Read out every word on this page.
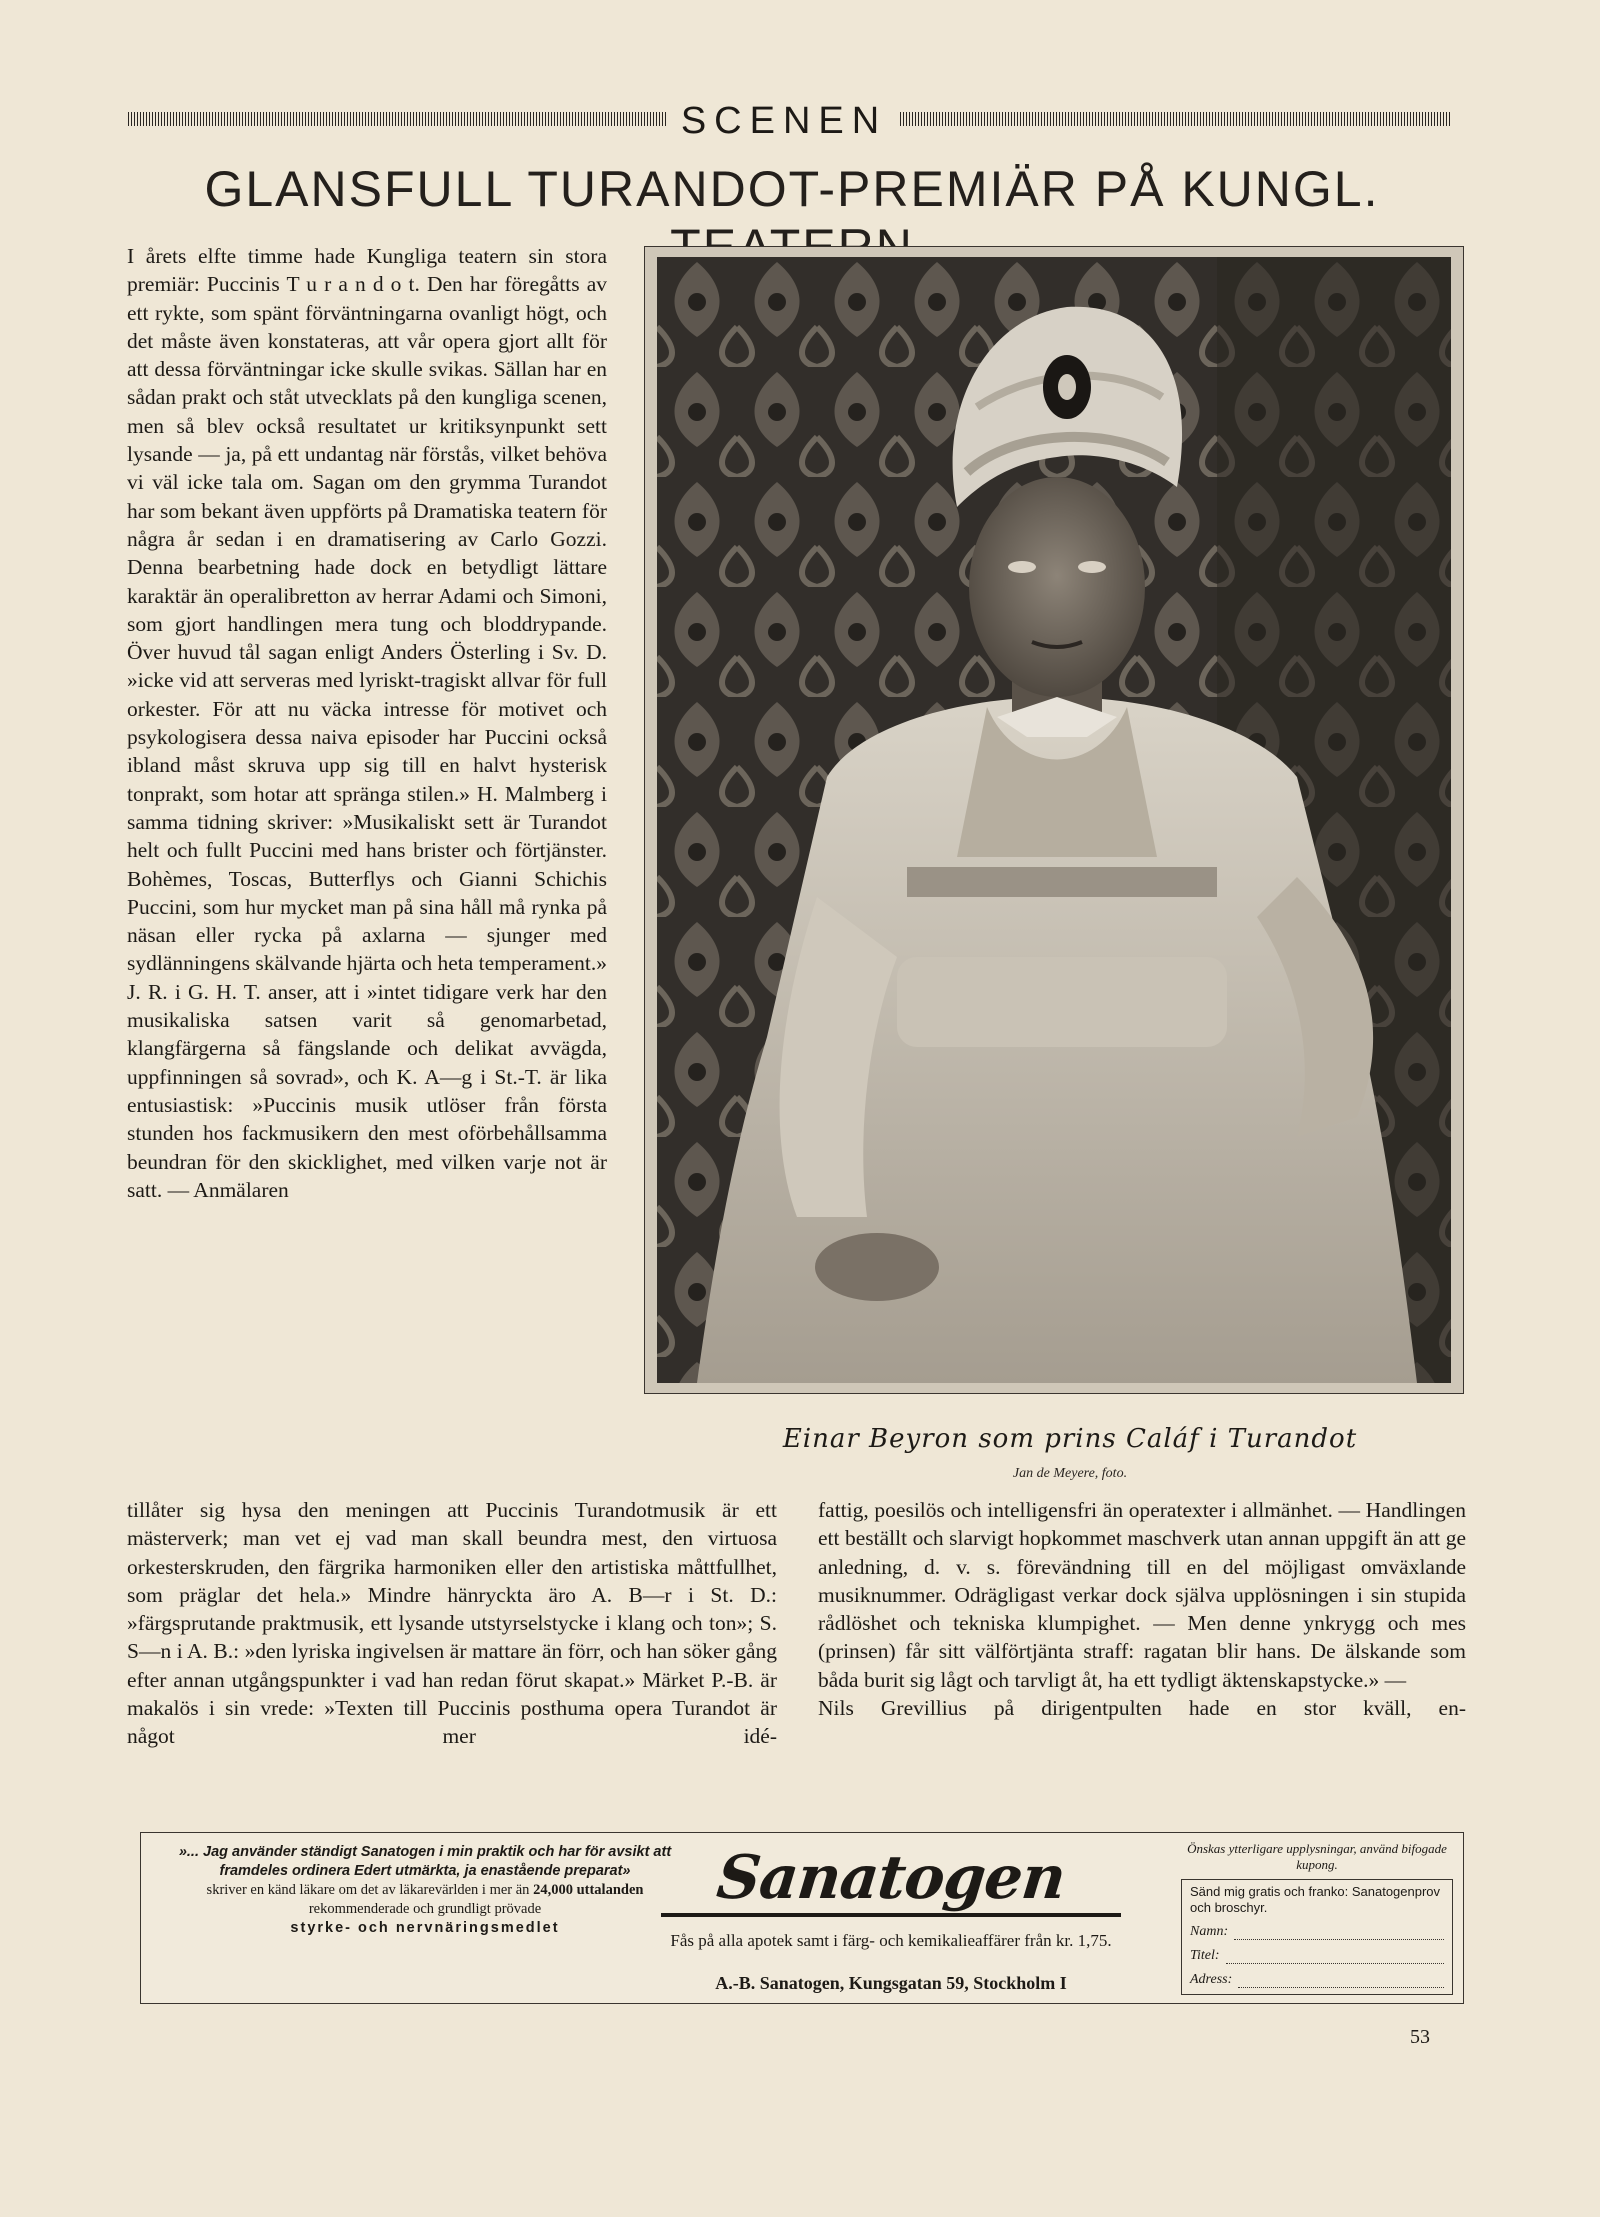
SCENEN
GLANSFULL TURANDOT-PREMIÄR PÅ KUNGL.

I årets elfte timme hade Kungliga teatern sin stora premiär: Puccinis T u r a n d o t. Den har föregåtts av ett rykte, som spänt förväntningarna ovanligt högt, och det måste även konstateras, att vår opera gjort allt för att dessa förväntningar icke skulle svikas. Sällan har en sådan prakt och ståt utvecklats på den kungliga scenen, men så blev också resultatet ur kritiksynpunkt sett lysande — ja, på ett undantag när förstås, vilket behöva vi väl icke tala om. Sagan om den grymma Turandot har som bekant även uppförts på Dramatiska teatern för några år sedan i en dramatisering av Carlo Gozzi. Denna bearbetning hade dock en betydligt lättare karaktär än operalibretton av herrar Adami och Simoni, som gjort handlingen mera tung och bloddrypande. Över huvud tål sagan enligt Anders Österling i Sv. D. »icke vid att serveras med lyriskt-tragiskt allvar för full orkester. För att nu väcka intresse för motivet och psykologisera dessa naiva episoder har Puccini också ibland måst skruva upp sig till en halvt hysterisk tonprakt, som hotar att spränga stilen.» H. Malmberg i samma tidning skriver: »Musikaliskt sett är Turandot helt och fullt Puccini med hans brister och förtjänster. Bohèmes, Toscas, Butterflys och Gianni Schichis Puccini, som hur mycket man på sina håll må rynka på näsan eller rycka på axlarna — sjunger med sydlänningens skälvande hjärta och heta temperament.» J. R. i G. H. T. anser, att i »intet tidigare verk har den musikaliska satsen varit så genomarbetad, klangfärgerna så fängslande och delikat avvägda, uppfinningen så sovrad», och K. A—g i St.-T. är lika entusiastisk: »Puccinis musik utlöser från första stunden hos fackmusikern den mest oförbehållsamma beundran för den skicklighet, med vilken varje not är satt. — Anmälaren

Einar Beyron som prins Caláf i Turandot
Jan de Meyere, foto.

tillåter sig hysa den meningen att Puccinis Turandotmusik är ett mästerverk; man vet ej vad man skall beundra mest, den virtuosa orkesterskruden, den färgrika harmoniken eller den artistiska måttfullhet, som präglar det hela.» Mindre hänryckta äro A. B—r i St. D.: »färgsprutande praktmusik, ett lysande utstyrselstycke i klang och ton»; S. S—n i A. B.: »den lyriska ingivelsen är mattare än förr, och han söker gång efter annan utgångspunkter i vad han redan förut skapat.» Märket P.-B. är makalös i sin vrede: »Texten till Puccinis posthuma opera Turandot är något mer idé-

fattig, poesilös och intelligensfri än operatexter i allmänhet. — Handlingen ett beställt och slarvigt hopkommet maschverk utan annan uppgift än att ge anledning, d. v. s. förevändning till en del möjligast omväxlande musiknummer. Odrägligast verkar dock själva upplösningen i sin stupida rådlöshet och tekniska klumpighet. — Men denne ynkrygg och mes (prinsen) får sitt välförtjänta straff: ragatan blir hans. De älskande som båda burit sig lågt och tarvligt åt, ha ett tydligt äktenskapstycke.» —

Nils Grevillius på dirigentpulten hade en stor kväll, en-

»... Jag använder ständigt Sanatogen i min praktik och har för avsikt att framdeles ordinera Edert utmärkta, ja enastående preparat»
skriver en känd läkare om det av läkarevärlden i mer än 24,000 uttalanden rekommenderade och grundligt prövade
styrke- och nervnäringsmedlet
Sanatogen
Fås på alla apotek samt i färg- och kemikalieaffärer från kr. 1,75.
A.-B. Sanatogen, Kungsgatan 59, Stockholm I
Önskas ytterligare upplysningar, använd bifogade kupong.
Sänd mig gratis och franko: Sanatogenprov och broschyr.
Namn:
Titel:
Adress:
53
